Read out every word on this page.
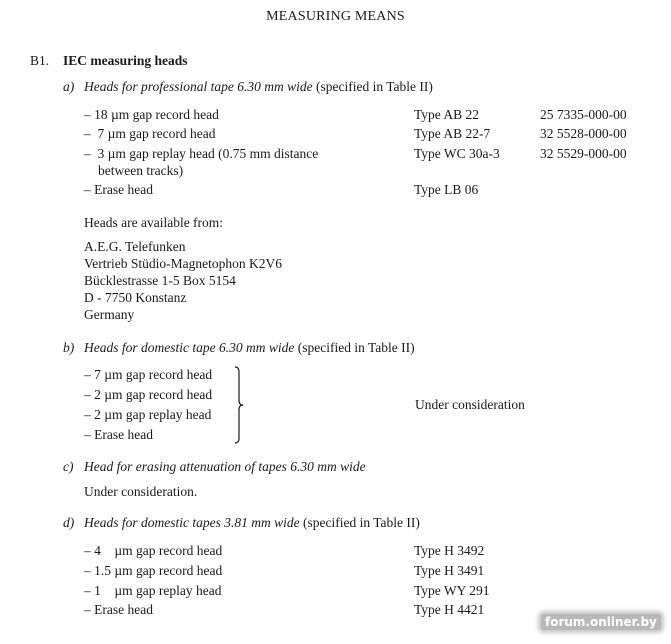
MEASURING MEANS
B1. IEC measuring heads
a) Heads for professional tape 6.30 mm wide (specified in Table II)
– 18 µm gap record head	Type AB 22	25 7335-000-00
–  7 µm gap record head	Type AB 22-7	32 5528-000-00
–  3 µm gap replay head (0.75 mm distance
between tracks)
Type WC 30a-3	32 5529-000-00
– Erase head	Type LB 06
Heads are available from:
A.E.G. Telefunken
Vertrieb Stüdio-Magnetophon K2V6
Bücklestrasse 1-5 Box 5154
D - 7750 Konstanz
Germany
b) Heads for domestic tape 6.30 mm wide (specified in Table II)
– 7 µm gap record head
– 2 µm gap record head
– 2 µm gap replay head
– Erase head
Under consideration
c) Head for erasing attenuation of tapes 6.30 mm wide
Under consideration.
d) Heads for domestic tapes 3.81 mm wide (specified in Table II)
– 4    µm gap record head	Type H 3492
– 1.5 µm gap record head	Type H 3491
– 1    µm gap replay head	Type WY 291
– Erase head	Type H 4421
forum.onliner.by
